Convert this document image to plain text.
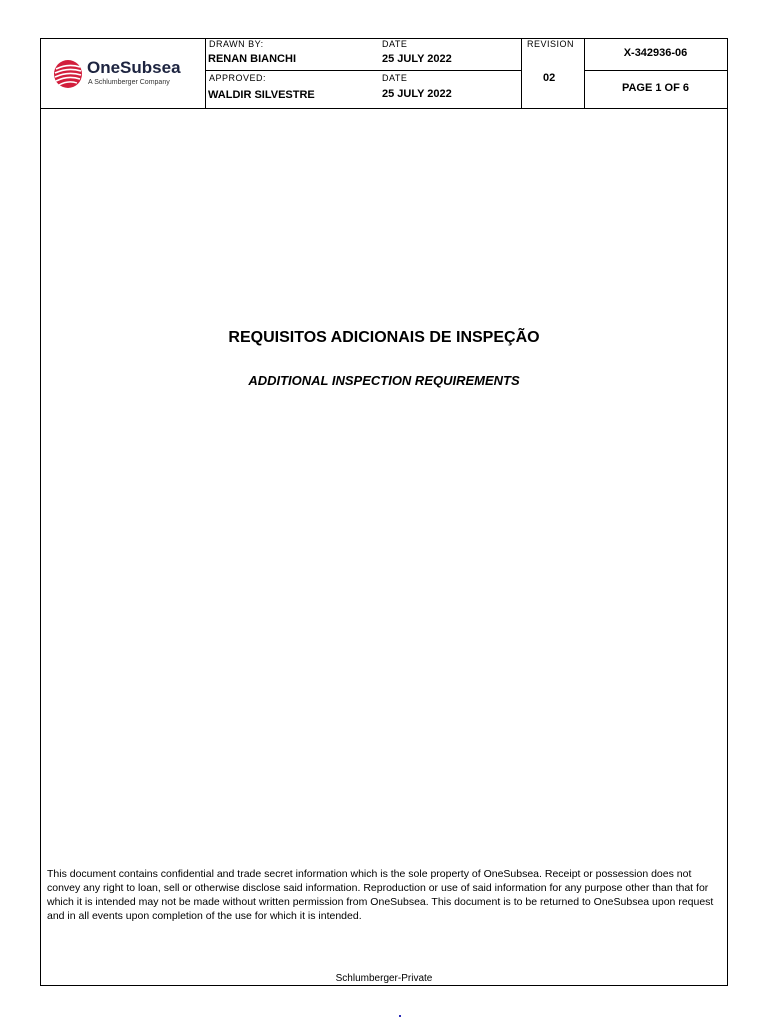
OneSubsea
A Schlumberger Company
DRAWN BY:
RENAN BIANCHI
DATE
25 JULY 2022
APPROVED:
WALDIR SILVESTRE
DATE
25 JULY 2022
REVISION
02
X-342936-06
PAGE 1 OF 6
REQUISITOS ADICIONAIS DE INSPEÇÃO
ADDITIONAL INSPECTION REQUIREMENTS
This document contains confidential and trade secret information which is the sole property of OneSubsea. Receipt or possession does not convey any right to loan, sell or otherwise disclose said information. Reproduction or use of said information for any purpose other than that for which it is intended may not be made without written permission from OneSubsea. This document is to be returned to OneSubsea upon request and in all events upon completion of the use for which it is intended.
Schlumberger-Private
